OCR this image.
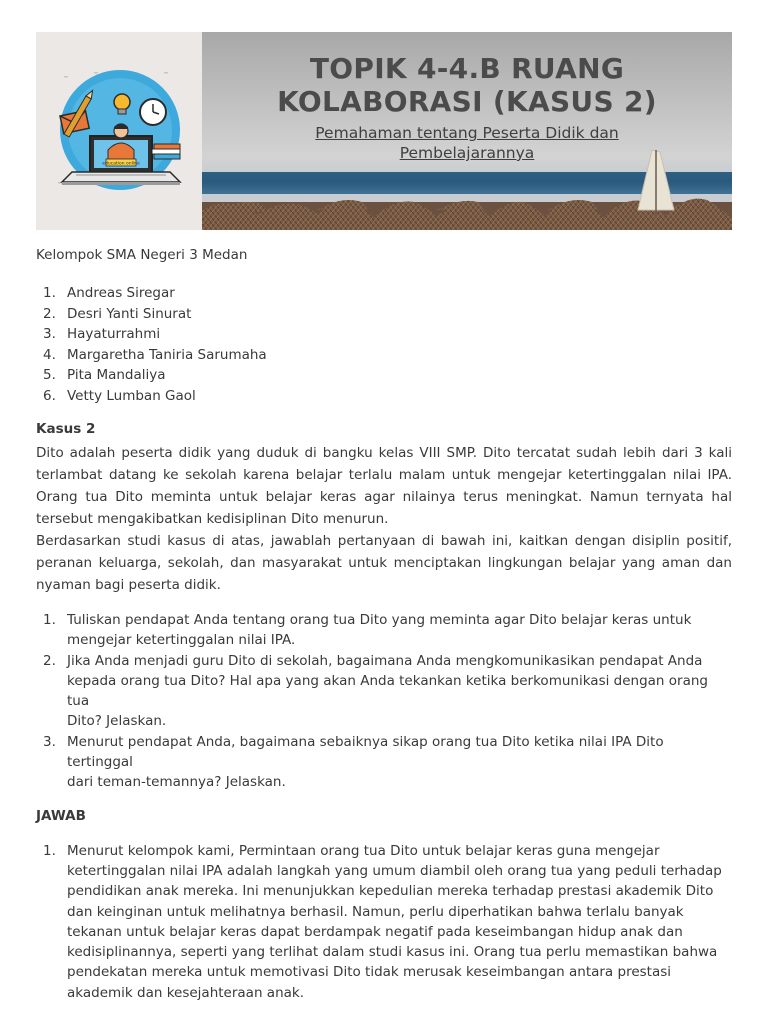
education online
TOPIK 4-4.B RUANG
KOLABORASI (KASUS 2)
Pemahaman tentang Peserta Didik dan
Pembelajarannya

Kelompok SMA Negeri 3 Medan

1. Andreas Siregar
2. Desri Yanti Sinurat
3. Hayaturrahmi
4. Margaretha Taniria Sarumaha
5. Pita Mandaliya
6. Vetty Lumban Gaol

Kasus 2

Dito adalah peserta didik yang duduk di bangku kelas VIII SMP. Dito tercatat sudah lebih dari 3 kali terlambat datang ke sekolah karena belajar terlalu malam untuk mengejar ketertinggalan nilai IPA. Orang tua Dito meminta untuk belajar keras agar nilainya terus meningkat. Namun ternyata hal tersebut mengakibatkan kedisiplinan Dito menurun.

Berdasarkan studi kasus di atas, jawablah pertanyaan di bawah ini, kaitkan dengan disiplin positif, peranan keluarga, sekolah, dan masyarakat untuk menciptakan lingkungan belajar yang aman dan nyaman bagi peserta didik.

1. Tuliskan pendapat Anda tentang orang tua Dito yang meminta agar Dito belajar keras untuk
mengejar ketertinggalan nilai IPA.
2. Jika Anda menjadi guru Dito di sekolah, bagaimana Anda mengkomunikasikan pendapat Anda
kepada orang tua Dito? Hal apa yang akan Anda tekankan ketika berkomunikasi dengan orang tua
Dito? Jelaskan.
3. Menurut pendapat Anda, bagaimana sebaiknya sikap orang tua Dito ketika nilai IPA Dito tertinggal
dari teman-temannya? Jelaskan.

JAWAB

1. Menurut kelompok kami, Permintaan orang tua Dito untuk belajar keras guna mengejar
ketertinggalan nilai IPA adalah langkah yang umum diambil oleh orang tua yang peduli terhadap
pendidikan anak mereka. Ini menunjukkan kepedulian mereka terhadap prestasi akademik Dito
dan keinginan untuk melihatnya berhasil. Namun, perlu diperhatikan bahwa terlalu banyak
tekanan untuk belajar keras dapat berdampak negatif pada keseimbangan hidup anak dan
kedisiplinannya, seperti yang terlihat dalam studi kasus ini. Orang tua perlu memastikan bahwa
pendekatan mereka untuk memotivasi Dito tidak merusak keseimbangan antara prestasi
akademik dan kesejahteraan anak.
